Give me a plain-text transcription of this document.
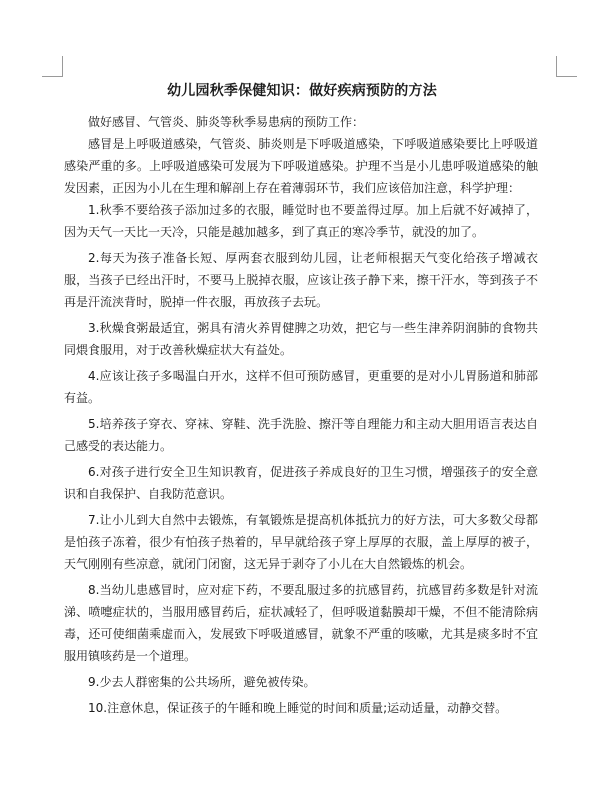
幼儿园秋季保健知识：做好疾病预防的方法

做好感冒、气管炎、肺炎等秋季易患病的预防工作：

感冒是上呼吸道感染，气管炎、肺炎则是下呼吸道感染，下呼吸道感染要比上呼吸道感染严重的多。上呼吸道感染可发展为下呼吸道感染。护理不当是小儿患呼吸道感染的触发因素，正因为小儿在生理和解剖上存在着薄弱环节，我们应该倍加注意，科学护理：

1.秋季不要给孩子添加过多的衣服，睡觉时也不要盖得过厚。加上后就不好减掉了，因为天气一天比一天冷，只能是越加越多，到了真正的寒冷季节，就没的加了。

2.每天为孩子准备长短、厚两套衣服到幼儿园，让老师根据天气变化给孩子增减衣服，当孩子已经出汗时，不要马上脱掉衣服，应该让孩子静下来，擦干汗水，等到孩子不再是汗流浃背时，脱掉一件衣服，再放孩子去玩。

3.秋燥食粥最适宜，粥具有清火养胃健脾之功效，把它与一些生津养阴润肺的食物共同煨食服用，对于改善秋燥症状大有益处。

4.应该让孩子多喝温白开水，这样不但可预防感冒，更重要的是对小儿胃肠道和肺部有益。

5.培养孩子穿衣、穿袜、穿鞋、洗手洗脸、擦汗等自理能力和主动大胆用语言表达自己感受的表达能力。

6.对孩子进行安全卫生知识教育，促进孩子养成良好的卫生习惯，增强孩子的安全意识和自我保护、自我防范意识。

7.让小儿到大自然中去锻炼，有氧锻炼是提高机体抵抗力的好方法，可大多数父母都是怕孩子冻着，很少有怕孩子热着的，早早就给孩子穿上厚厚的衣服，盖上厚厚的被子，天气刚刚有些凉意，就闭门闭窗，这无异于剥夺了小儿在大自然锻炼的机会。

8.当幼儿患感冒时，应对症下药，不要乱服过多的抗感冒药，抗感冒药多数是针对流涕、喷嚏症状的，当服用感冒药后，症状减轻了，但呼吸道黏膜却干燥，不但不能清除病毒，还可使细菌乘虚而入，发展致下呼吸道感冒，就象不严重的咳嗽，尤其是痰多时不宜服用镇咳药是一个道理。

9.少去人群密集的公共场所，避免被传染。

10.注意休息，保证孩子的午睡和晚上睡觉的时间和质量;运动适量，动静交替。
